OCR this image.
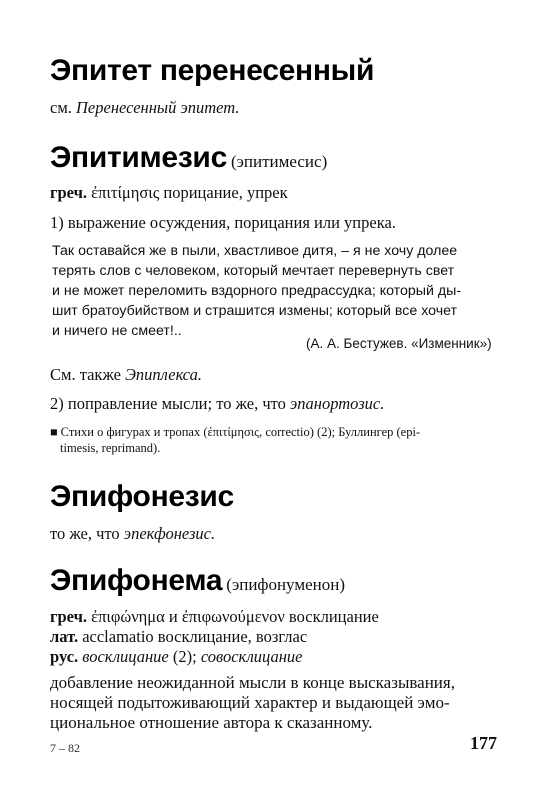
Эпитет перенесенный
см. Перенесенный эпитет.
Эпитимезис (эпитимесис)
греч. ἐπιτίμησις порицание, упрек
1) выражение осуждения, порицания или упрека.
Так оставайся же в пыли, хвастливое дитя, – я не хочу долее
терять слов с человеком, который мечтает перевернуть свет
и не может переломить вздорного предрассудка; который ды-
шит братоубийством и страшится измены; который все хочет
и ничего не смеет!..
(А. А. Бестужев. «Изменник»)
См. также Эпиплекса.
2) поправление мысли; то же, что эпанортозис.
■ Стихи о фигурах и тропах (ἐπιτίμησις, correctio) (2); Буллингер (epi-
timesis, reprimand).
Эпифонезис
то же, что эпекфонезис.
Эпифонема (эпифонуменон)
греч. ἐπιφώνημα и ἐπιφωνούμενον восклицание
лат. acclamatio восклицание, возглас
рус. восклицание (2); совосклицание
добавление неожиданной мысли в конце высказывания,
носящей подытоживающий характер и выдающей эмо-
циональное отношение автора к сказанному.
7 – 82	177
